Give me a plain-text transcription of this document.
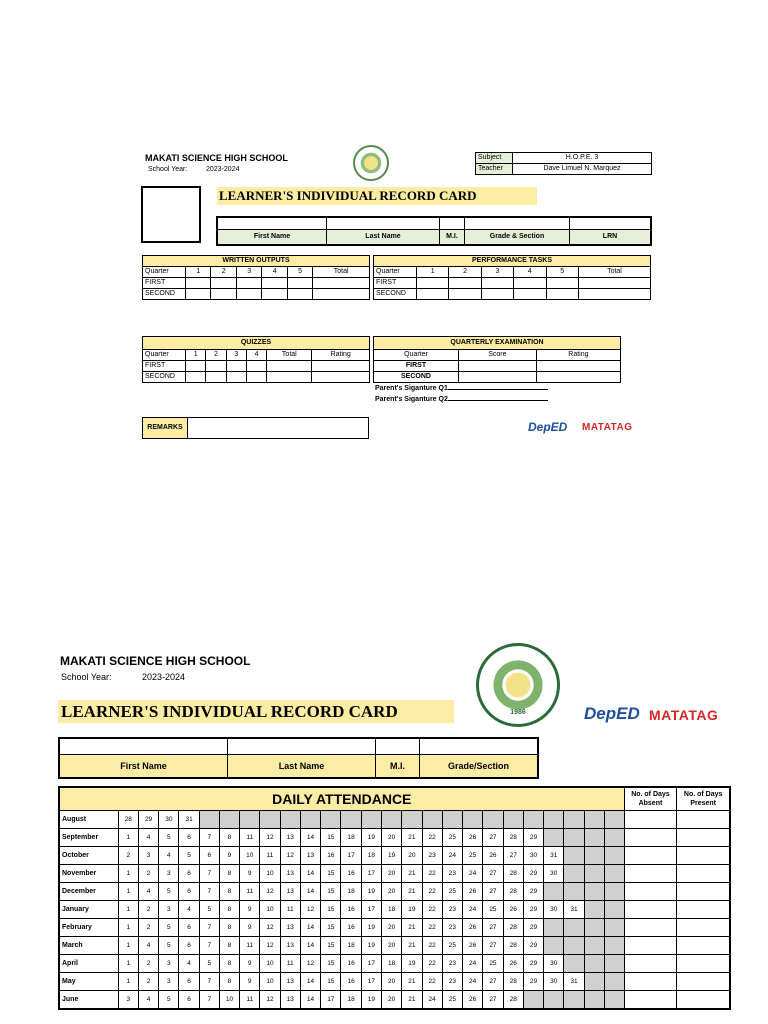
MAKATI SCIENCE HIGH SCHOOL
School Year:	2023-2024
Subject	H.O.P.E. 3
Teacher	Dave Limuel N. Marquez
LEARNER'S INDIVIDUAL RECORD CARD

First Name	Last Name	M.I.	Grade & Section	LRN
WRITTEN OUTPUTS						
Quarter	1	2	3	4	5	Total
FIRST						
SECOND						
PERFORMANCE TASKS						
Quarter	1	2	3	4	5	Total
FIRST						
SECOND						
QUIZZES						
Quarter	1	2	3	4	Total	Rating
FIRST						
SECOND						
QUARTERLY EXAMINATION		
Quarter	Score	Rating
FIRST		
SECOND		
Parent's Siganture Q1
Parent's Siganture Q2
REMARKS	DepED MATATAG
MAKATI SCIENCE HIGH SCHOOL
School Year:	2023-2024
LEARNER'S INDIVIDUAL RECORD CARD	1986	DepED MATATAG

First Name	Last Name	M.I.	Grade/Section
DAILY ATTENDANCE																										No. of Days Absent	No. of Days Present
August	28	29	30	31																							
September	1	4	5	6	7	8	11	12	13	14	15	18	19	20	21	22	25	26	27	28	29						
October	2	3	4	5	6	9	10	11	12	13	16	17	18	19	20	23	24	25	26	27	30	31					
November	1	2	3	6	7	8	9	10	13	14	15	16	17	20	21	22	23	24	27	28	29	30					
December	1	4	5	6	7	8	11	12	13	14	15	18	19	20	21	22	25	26	27	28	29						
January	1	2	3	4	5	8	9	10	11	12	15	16	17	18	19	22	23	24	25	26	29	30	31				
February	1	2	5	6	7	8	9	12	13	14	15	16	19	20	21	22	23	26	27	28	29						
March	1	4	5	6	7	8	11	12	13	14	15	18	19	20	21	22	25	26	27	28	29						
April	1	2	3	4	5	8	9	10	11	12	15	16	17	18	19	22	23	24	25	26	29	30					
May	1	2	3	6	7	8	9	10	13	14	15	16	17	20	21	22	23	24	27	28	29	30	31				
June	3	4	5	6	7	10	11	12	13	14	17	18	19	20	21	24	25	26	27	28							
